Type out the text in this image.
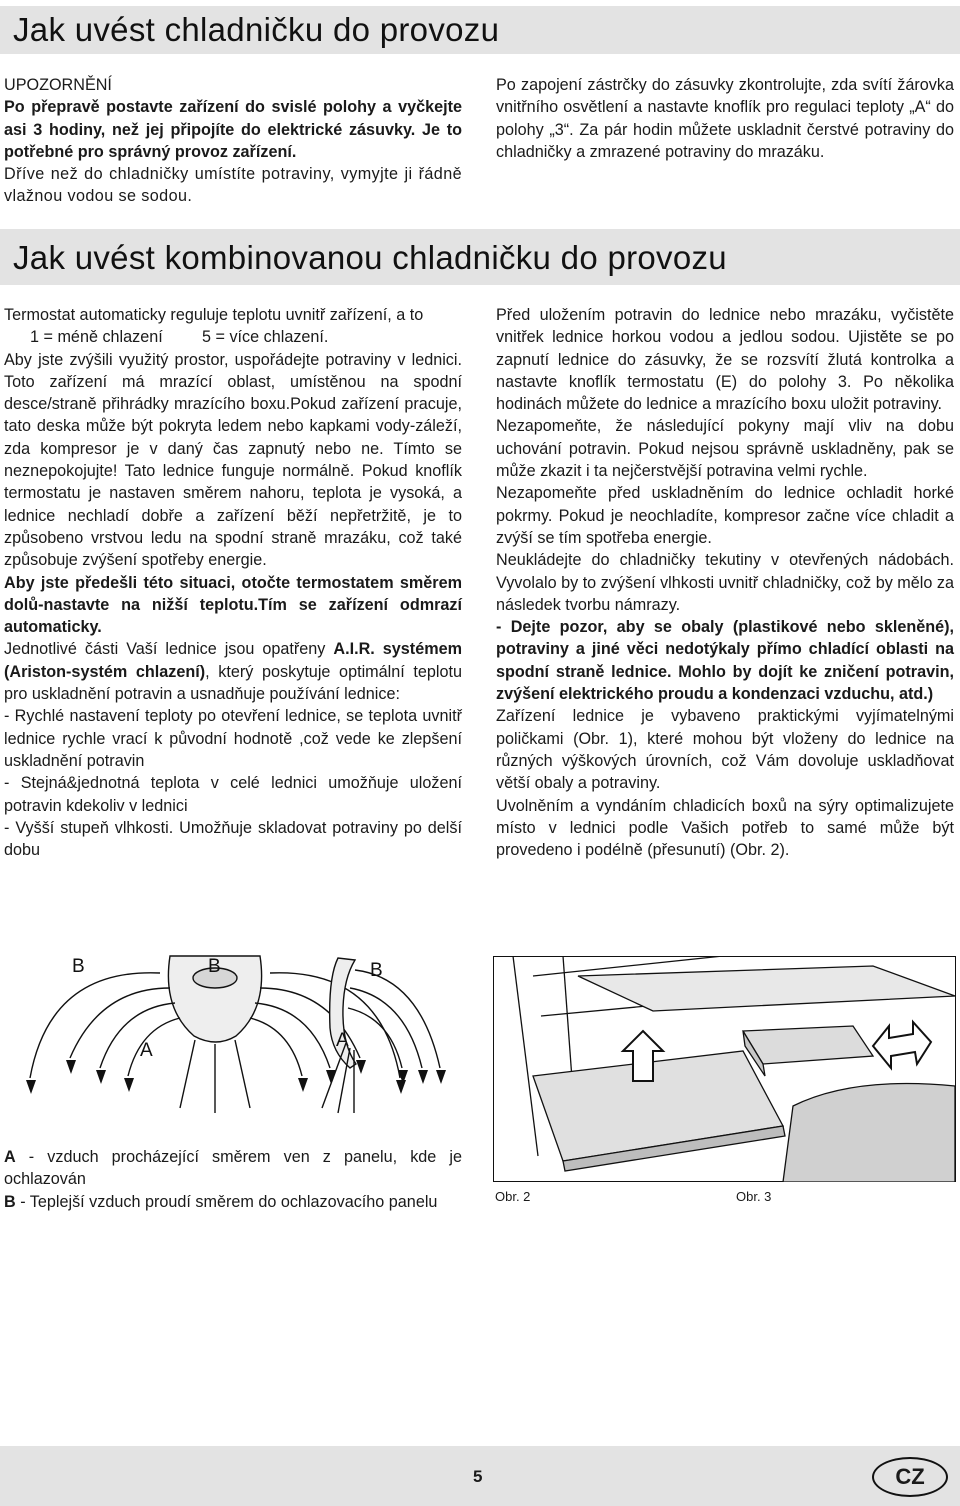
Jak uvést chladničku do provozu

UPOZORNĚNÍ

Po přepravě postavte zařízení do svislé polohy a vyčkejte asi 3 hodiny, než jej připojíte do elektrické zásuvky. Je to potřebné pro správný provoz zařízení.

Dříve než do chladničky umístíte potraviny, vymyjte ji řádně vlažnou vodou se sodou.

Po zapojení zástrčky do zásuvky zkontrolujte, zda svítí žárovka vnitřního osvětlení a nastavte knoflík pro regulaci teploty „A“ do polohy „3“. Za pár hodin můžete uskladnit čerstvé potraviny do chladničky a zmrazené potraviny do mrazáku.

Jak uvést kombinovanou chladničku do provozu

Termostat automaticky reguluje teplotu uvnitř zařízení, a to

1 = méně chlazení 5 = více chlazení.

Aby jste zvýšili využitý prostor, uspořádejte potraviny v lednici. Toto zařízení má mrazící oblast, umístěnou na spodní desce/straně přihrádky mrazícího boxu.Pokud zařízení pracuje, tato deska může být pokryta ledem nebo kapkami vody-záleží, zda kompresor je v daný čas zapnutý nebo ne. Tímto se neznepokojujte! Tato lednice funguje normálně. Pokud knoflík termostatu je nastaven směrem nahoru, teplota je vysoká, a lednice nechladí dobře a zařízení běží nepřetržitě, je to způsobeno vrstvou ledu na spodní straně mrazáku, což také způsobuje zvýšení spotřeby energie.

Aby jste předešli této situaci, otočte termostatem směrem dolů-nastavte na nižší teplotu.Tím se zařízení odmrazí automaticky.

Jednotlivé části Vaší lednice jsou opatřeny A.I.R. systémem (Ariston-systém chlazení), který poskytuje optimální teplotu pro uskladnění potravin a usnadňuje používání lednice:

- Rychlé nastavení teploty po otevření lednice, se teplota uvnitř lednice rychle vrací k původní hodnotě ,což vede ke zlepšení uskladnění potravin

- Stejná&jednotná teplota v celé lednici umožňuje uložení potravin kdekoliv v lednici

- Vyšší stupeň vlhkosti. Umožňuje skladovat potraviny po delší dobu

Před uložením potravin do lednice nebo mrazáku, vyčistěte vnitřek lednice horkou vodou a jedlou sodou. Ujistěte se po zapnutí lednice do zásuvky, že se rozsvítí žlutá kontrolka a nastavte knoflík termostatu (E) do polohy 3. Po několika hodinách můžete do lednice a mrazícího boxu uložit potraviny.

Nezapomeňte, že následující pokyny mají vliv na dobu uchování potravin. Pokud nejsou správně uskladněny, pak se může zkazit i ta nejčerstvější potravina velmi rychle.

Nezapomeňte před uskladněním do lednice ochladit horké pokrmy. Pokud je neochladíte, kompresor začne více chladit a zvýší se tím spotřeba energie.

Neukládejte do chladničky tekutiny v otevřených nádobách. Vyvolalo by to zvýšení vlhkosti uvnitř chladničky, což by mělo za následek tvorbu námrazy.

- Dejte pozor, aby se obaly (plastikové nebo skleněné), potraviny a jiné věci nedotýkaly přímo chladící oblasti na spodní straně lednice. Mohlo by dojít ke zničení potravin, zvýšení elektrického proudu a kondenzaci vzduchu, atd.)

Zařízení lednice je vybaveno praktickými vyjímatelnými poličkami (Obr. 1), které mohou být vloženy do lednice na různých výškových úrovních, což Vám dovoluje uskladňovat větší obaly a potraviny.

Uvolněním a vyndáním chladicích boxů na sýry optimalizujete místo v lednici podle Vašich potřeb to samé může být provedeno i podélně (přesunutí) (Obr. 2).

B	B	B
A	A

A - vzduch procházející směrem ven z panelu, kde je ochlazován

B - Teplejší vzduch proudí směrem do ochlazovacího panelu	Obr. 2	Obr. 3
5	CZ
